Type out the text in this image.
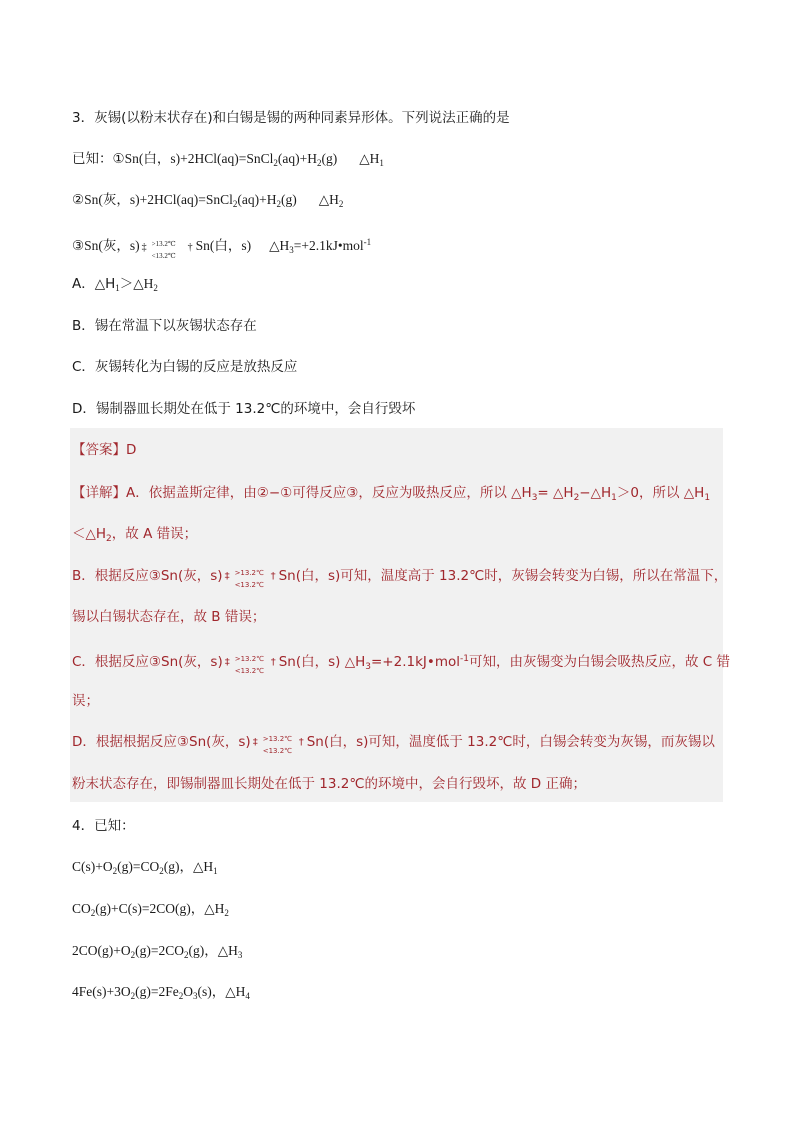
3．灰锡(以粉末状存在)和白锡是锡的两种同素异形体。下列说法正确的是
已知：①Sn(白，$s)+2HCl(aq)=SnCl_2(aq)+H_2(g)$ $\triangle H_1$
②Sn(灰，$s)+2HCl(aq)=SnCl_2(aq)+H_2(g)$ $\triangle H_2$
③Sn(灰，s) ‡ >13.2℃
<13.2℃
† Sn(白，s) $\triangle H_3=+2.1kJ•mol^{-1}$
A．$\triangle H_1>\triangle H_2$
B．锡在常温下以灰锡状态存在
C．灰锡转化为白锡的反应是放热反应
D．锡制器皿长期处在低于 13.2℃的环境中，会自行毁坏
【答案】D
【详解】A．依据盖斯定律，由②−①可得反应③，反应为吸热反应，所以 $\triangle H_3=$ $\triangle H_2-\triangle H_1>0$，所以 $\triangle H_1$
$<\triangle H_2$，故 A 错误；
B．根据反应③Sn(灰，s) ‡ >13.2℃
<13.2℃
† Sn(白，s)可知，温度高于 13.2℃时，灰锡会转变为白锡，所以在常温下，
锡以白锡状态存在，故 B 错误；
C．根据反应③Sn(灰，s) ‡ >13.2℃
<13.2℃
† Sn(白，s) $\triangle H_3=+2.1kJ•mol^{-1}$可知，由灰锡变为白锡会吸热反应，故 C 错
误；
D．根据根据反应③Sn(灰，s) ‡ >13.2℃
<13.2℃
† Sn(白，s)可知，温度低于 13.2℃时，白锡会转变为灰锡，而灰锡以
粉末状态存在，即锡制器皿长期处在低于 13.2℃的环境中，会自行毁坏，故 D 正确；
4．已知：
$C(s)+O_2(g)=CO_2(g)$，$\triangle H_1$
$CO_2(g)+C(s)=2CO(g)$，$\triangle H_2$
$2CO(g)+O_2(g)=2CO_2(g)$，$\triangle H_3$
$4Fe(s)+3O_2(g)=2Fe_2O_3(s)$，$\triangle H_4$
